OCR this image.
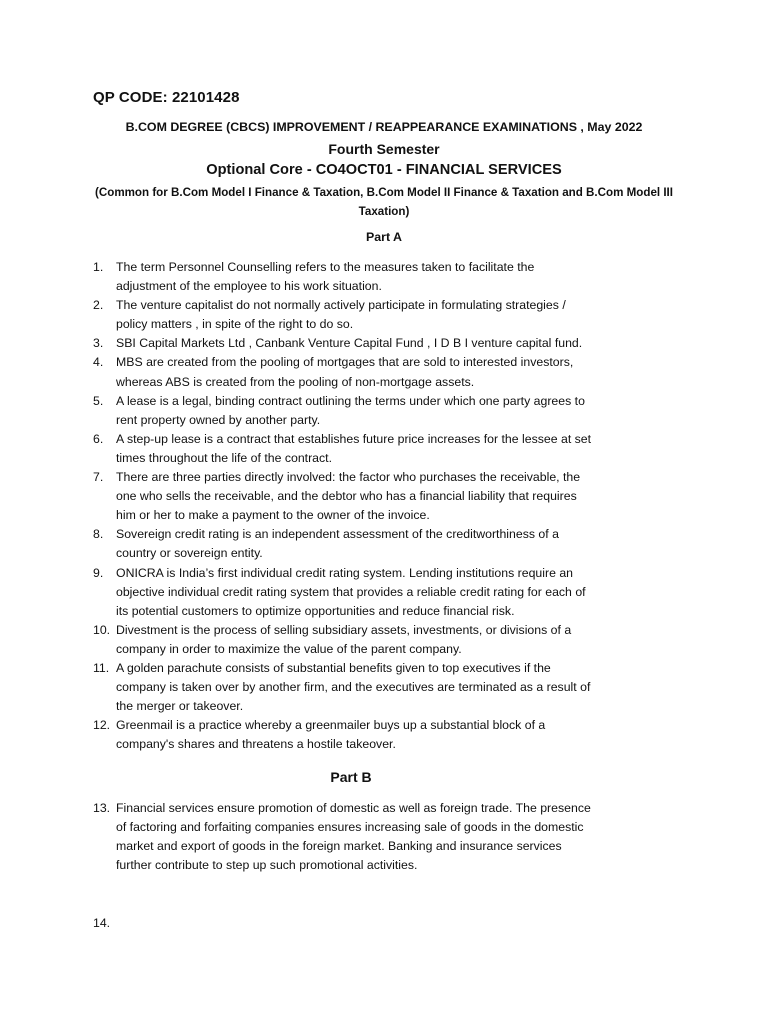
QP CODE: 22101428
B.COM DEGREE (CBCS) IMPROVEMENT / REAPPEARANCE EXAMINATIONS , May 2022
Fourth Semester
Optional Core - CO4OCT01 - FINANCIAL SERVICES
(Common for B.Com Model I Finance & Taxation, B.Com Model II Finance & Taxation and B.Com Model III Taxation)
Part A
1. The term Personnel Counselling refers to the measures taken to facilitate the
adjustment of the employee to his work situation.
2. The venture capitalist do not normally actively participate in formulating strategies /
policy matters , in spite of the right to do so.
3. SBI Capital Markets Ltd , Canbank Venture Capital Fund , I D B I venture capital fund.
4. MBS are created from the pooling of mortgages that are sold to interested investors,
whereas ABS is created from the pooling of non-mortgage assets.
5. A lease is a legal, binding contract outlining the terms under which one party agrees to
rent property owned by another party.
6. A step-up lease is a contract that establishes future price increases for the lessee at set
times throughout the life of the contract.
7. There are three parties directly involved: the factor who purchases the receivable, the
one who sells the receivable, and the debtor who has a financial liability that requires
him or her to make a payment to the owner of the invoice.
8. Sovereign credit rating is an independent assessment of the creditworthiness of a
country or sovereign entity.
9. ONICRA is India’s first individual credit rating system. Lending institutions require an
objective individual credit rating system that provides a reliable credit rating for each of
its potential customers to optimize opportunities and reduce financial risk.
10. Divestment is the process of selling subsidiary assets, investments, or divisions of a
company in order to maximize the value of the parent company.
11. A golden parachute consists of substantial benefits given to top executives if the
company is taken over by another firm, and the executives are terminated as a result of
the merger or takeover.
12. Greenmail is a practice whereby a greenmailer buys up a substantial block of a
company's shares and threatens a hostile takeover.
Part B
13. Financial services ensure promotion of domestic as well as foreign trade. The presence
of factoring and forfaiting companies ensures increasing sale of goods in the domestic
market and export of goods in the foreign market. Banking and insurance services
further contribute to step up such promotional activities.
14.
